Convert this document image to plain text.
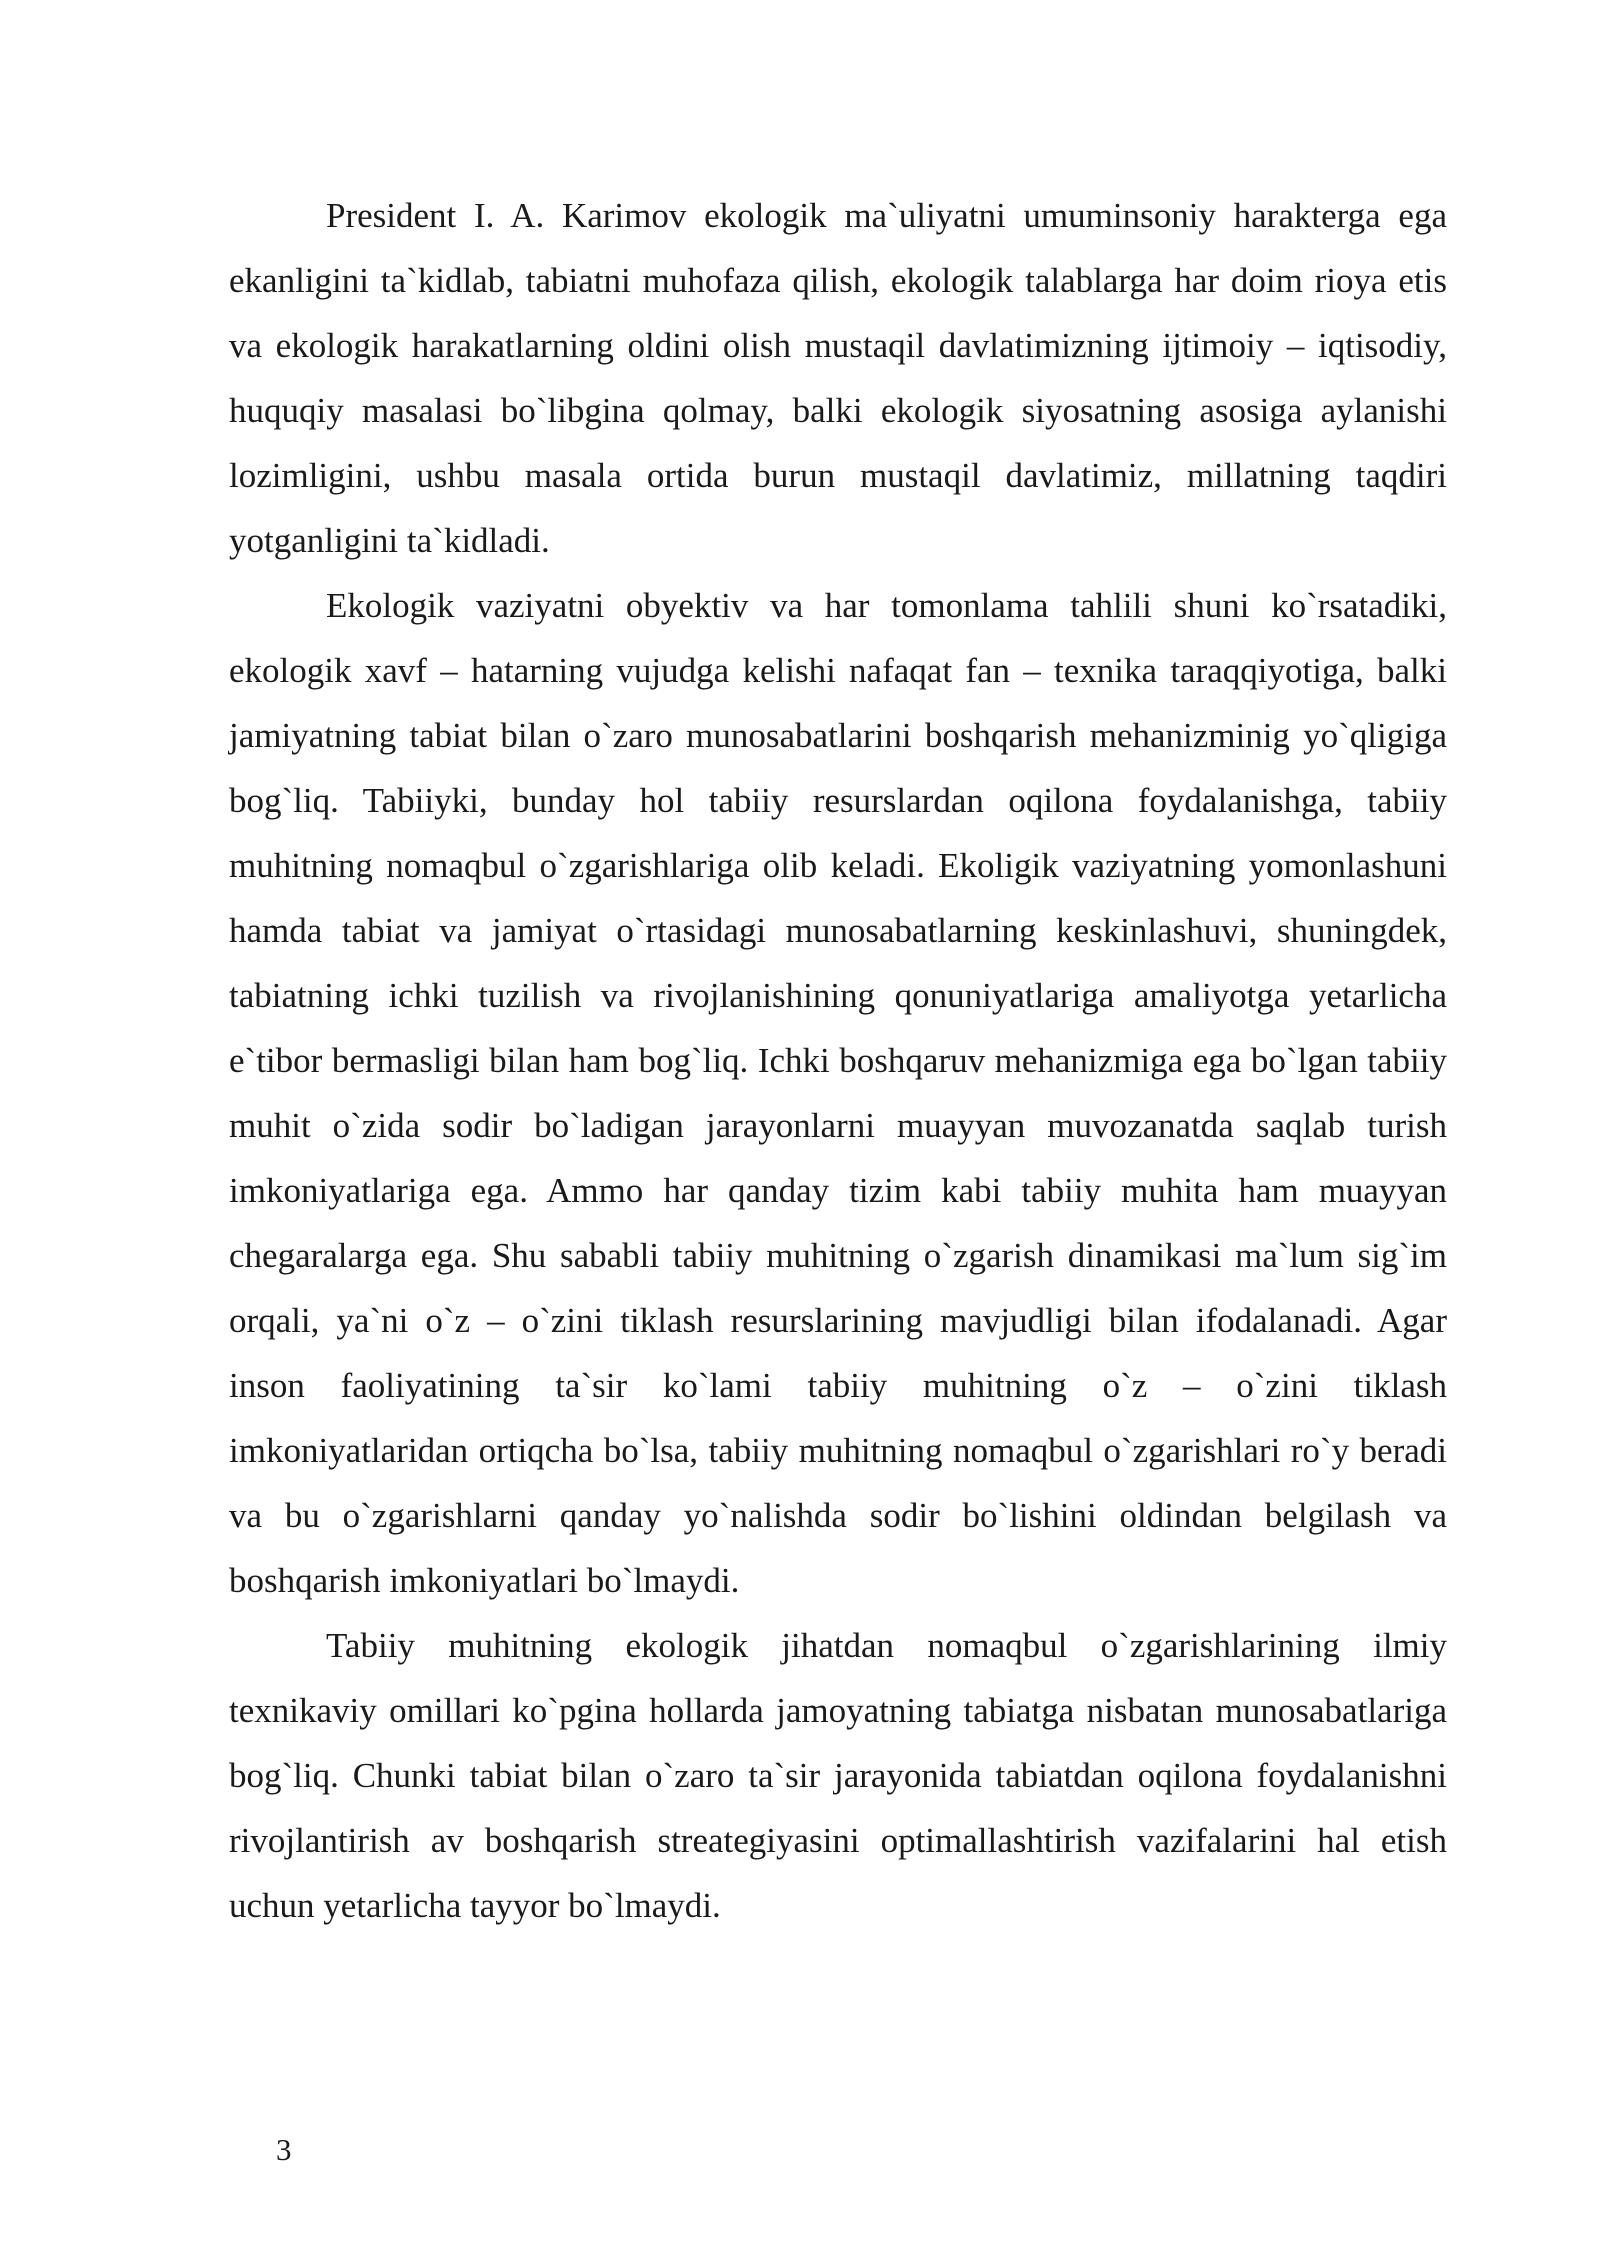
President I. A. Karimov ekologik ma`uliyatni umuminsoniy harakterga ega ekanligini ta`kidlab, tabiatni muhofaza qilish, ekologik talablarga har doim rioya etis va ekologik harakatlarning oldini olish mustaqil davlatimizning ijtimoiy – iqtisodiy, huquqiy masalasi bo`libgina qolmay, balki ekologik siyosatning asosiga aylanishi lozimligini, ushbu masala ortida burun mustaqil davlatimiz, millatning taqdiri yotganligini ta`kidladi.

Ekologik vaziyatni obyektiv va har tomonlama tahlili shuni ko`rsatadiki, ekologik xavf – hatarning vujudga kelishi nafaqat fan – texnika taraqqiyotiga, balki jamiyatning tabiat bilan o`zaro munosabatlarini boshqarish mehanizminig yo`qligiga bog`liq. Tabiiyki, bunday hol tabiiy resurslardan oqilona foydalanishga, tabiiy muhitning nomaqbul o`zgarishlariga olib keladi. Ekoligik vaziyatning yomonlashuni hamda tabiat va jamiyat o`rtasidagi munosabatlarning keskinlashuvi, shuningdek, tabiatning ichki tuzilish va rivojlanishining qonuniyatlariga amaliyotga yetarlicha e`tibor bermasligi bilan ham bog`liq. Ichki boshqaruv mehanizmiga ega bo`lgan tabiiy muhit o`zida sodir bo`ladigan jarayonlarni muayyan muvozanatda saqlab turish imkoniyatlariga ega. Ammo har qanday tizim kabi tabiiy muhita ham muayyan chegaralarga ega. Shu sababli tabiiy muhitning o`zgarish dinamikasi ma`lum sig`im orqali, ya`ni o`z – o`zini tiklash resurslarining mavjudligi bilan ifodalanadi. Agar inson faoliyatining ta`sir ko`lami tabiiy muhitning o`z – o`zini tiklash imkoniyatlaridan ortiqcha bo`lsa, tabiiy muhitning nomaqbul o`zgarishlari ro`y beradi va bu o`zgarishlarni qanday yo`nalishda sodir bo`lishini oldindan belgilash va boshqarish imkoniyatlari bo`lmaydi.

Tabiiy muhitning ekologik jihatdan nomaqbul o`zgarishlarining ilmiy texnikaviy omillari ko`pgina hollarda jamoyatning tabiatga nisbatan munosabatlariga bog`liq. Chunki tabiat bilan o`zaro ta`sir jarayonida tabiatdan oqilona foydalanishni rivojlantirish av boshqarish streategiyasini optimallashtirish vazifalarini hal etish uchun yetarlicha tayyor bo`lmaydi.

3
